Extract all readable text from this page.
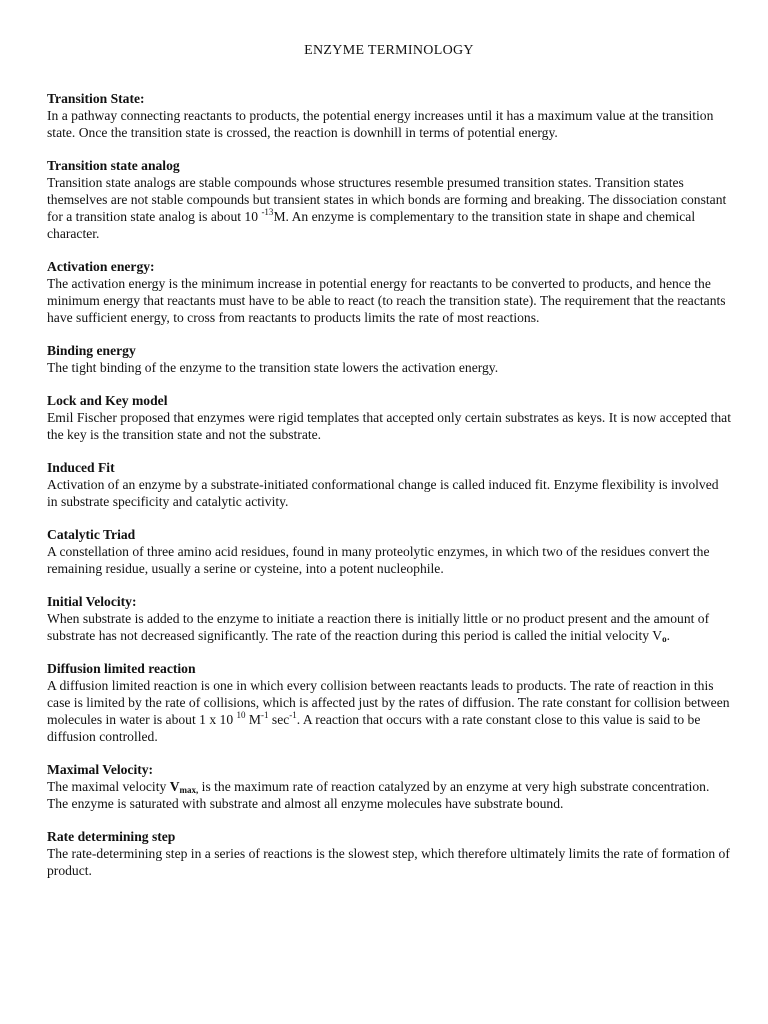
ENZYME TERMINOLOGY
Transition State:
In a pathway connecting reactants to products, the potential energy increases until it has a maximum value at the transition state. Once the transition state is crossed, the reaction is downhill in terms of potential energy.
Transition state analog
Transition state analogs are stable compounds whose structures resemble presumed transition states. Transition states themselves are not stable compounds but transient states in which bonds are forming and breaking. The dissociation constant for a transition state analog is about 10 $^{-13}$M. An enzyme is complementary to the transition state in shape and chemical character.
Activation energy:
The activation energy is the minimum increase in potential energy for reactants to be converted to products, and hence the minimum energy that reactants must have to be able to react (to reach the transition state). The requirement that the reactants have sufficient energy, to cross from reactants to products limits the rate of most reactions.
Binding energy
The tight binding of the enzyme to the transition state lowers the activation energy.
Lock and Key model
Emil Fischer proposed that enzymes were rigid templates that accepted only certain substrates as keys. It is now accepted that the key is the transition state and not the substrate.
Induced Fit
Activation of an enzyme by a substrate-initiated conformational change is called induced fit. Enzyme flexibility is involved in substrate specificity and catalytic activity.
Catalytic Triad
A constellation of three amino acid residues, found in many proteolytic enzymes, in which two of the residues convert the remaining residue, usually a serine or cysteine, into a potent nucleophile.
Initial Velocity:
When substrate is added to the enzyme to initiate a reaction there is initially little or no product present and the amount of substrate has not decreased significantly. The rate of the reaction during this period is called the initial velocity $V_o$.
Diffusion limited reaction
A diffusion limited reaction is one in which every collision between reactants leads to products. The rate of reaction in this case is limited by the rate of collisions, which is affected just by the rates of diffusion. The rate constant for collision between molecules in water is about 1 x 10 $^{10}$ $M^{-1}$ $\sec^{-1}$. A reaction that occurs with a rate constant close to this value is said to be diffusion controlled.
Maximal Velocity:
The maximal velocity $V_{max,}$ is the maximum rate of reaction catalyzed by an enzyme at very high substrate concentration. The enzyme is saturated with substrate and almost all enzyme molecules have substrate bound.
Rate determining step
The rate-determining step in a series of reactions is the slowest step, which therefore ultimately limits the rate of formation of product.
